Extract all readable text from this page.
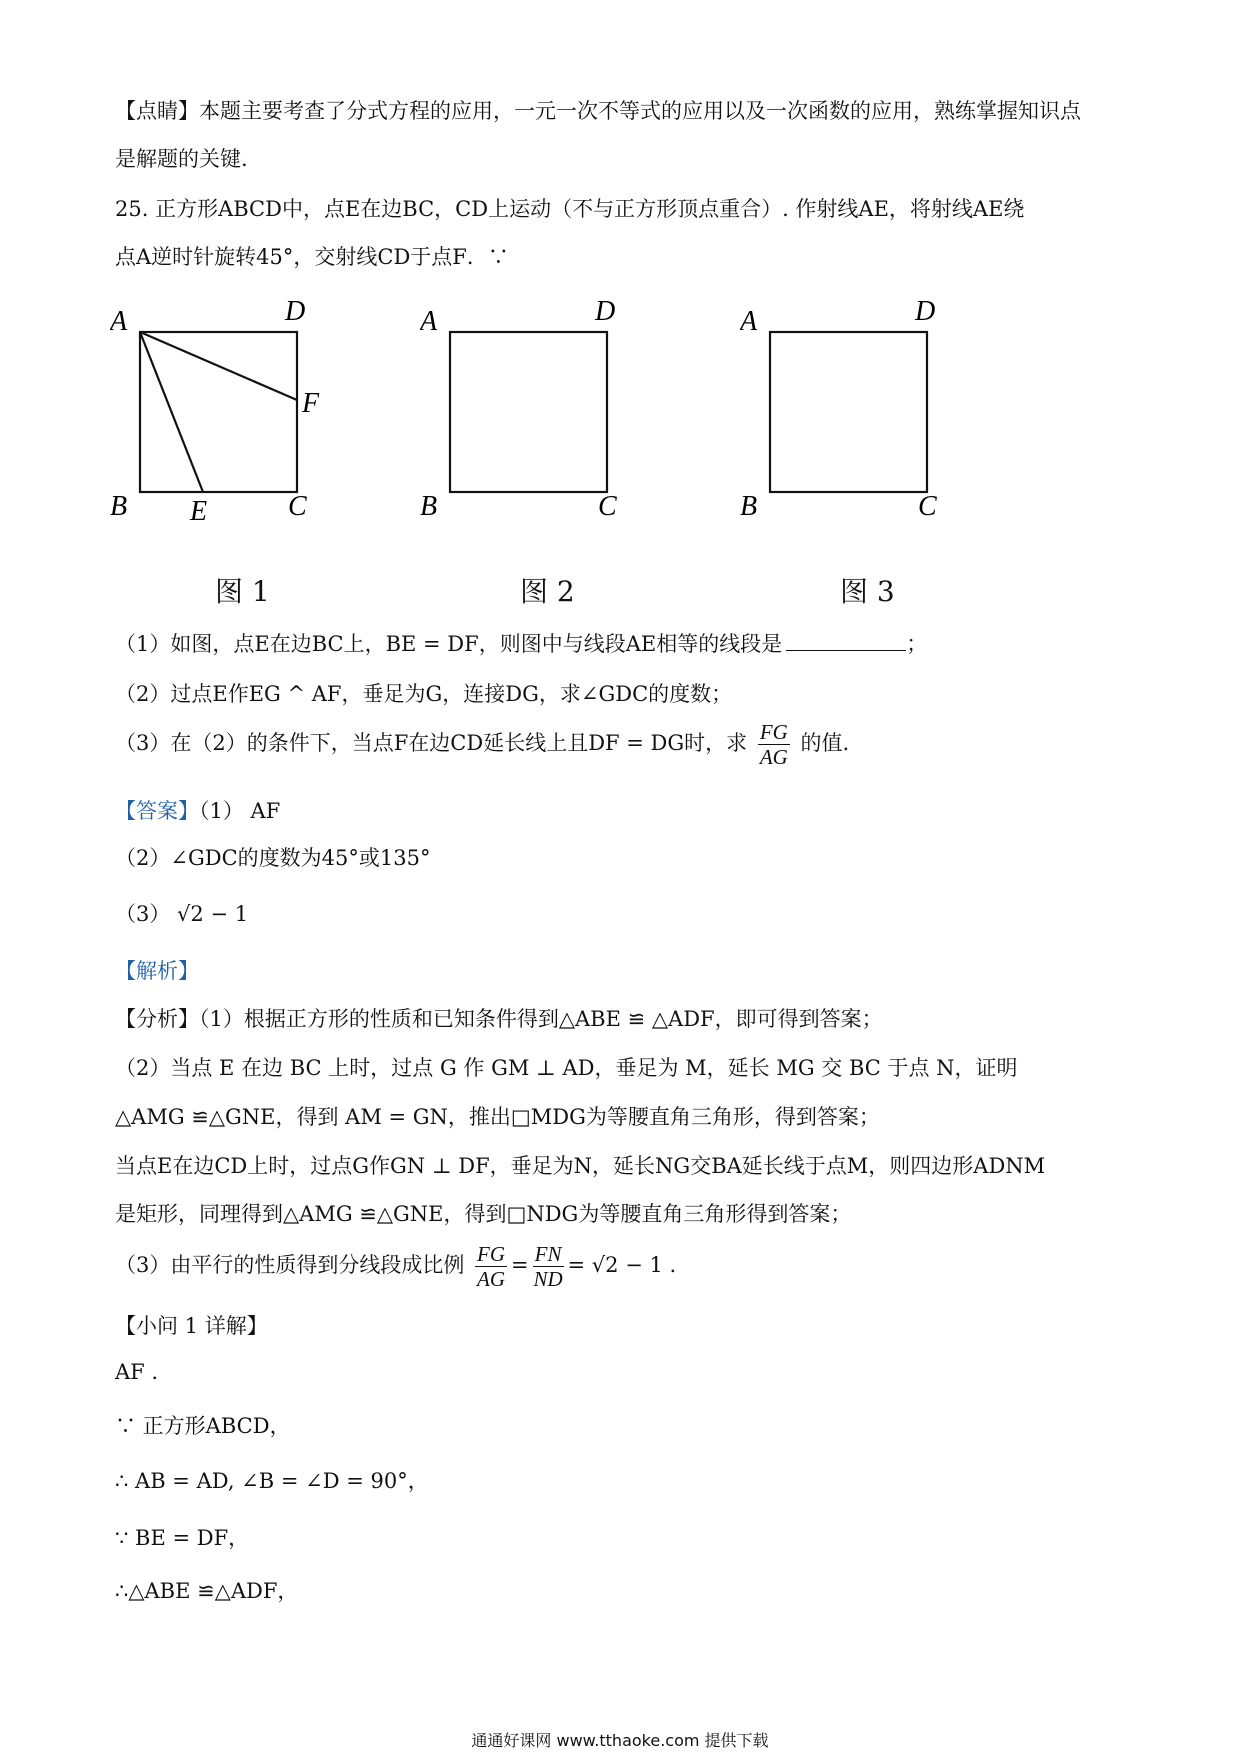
【点睛】本题主要考查了分式方程的应用，一元一次不等式的应用以及一次函数的应用，熟练掌握知识点
是解题的关键.
25. 正方形ABCD中，点E在边BC，CD上运动（不与正方形顶点重合）. 作射线AE，将射线AE绕
点A逆时针旋转45°，交射线CD于点F．∵
A	D
F
B E	C
图 1
A	D
B	C
图 2
A	D
B	C
图 3
（1）如图，点E在边BC上，BE = DF，则图中与线段AE相等的线段是	；
（2）过点E作EG ^ AF，垂足为G，连接DG，求∠GDC的度数；
（3）在（2）的条件下，当点F在边CD延长线上且DF = DG时，求 $\frac{FG}{AG}$ 的值.
【答案】（1） AF
（2）∠GDC的度数为45°或135°
（3） √2 − 1
【解析】
【分析】（1）根据正方形的性质和已知条件得到△ABE ≌ △ADF，即可得到答案；
（2）当点 E 在边 BC 上时，过点 G 作 GM ⊥ AD，垂足为 M，延长 MG 交 BC 于点 N，证明
△AMG ≌△GNE，得到 AM = GN，推出□MDG为等腰直角三角形，得到答案；
当点E在边CD上时，过点G作GN ⊥ DF，垂足为N，延长NG交BA延长线于点M，则四边形ADNM
是矩形，同理得到△AMG ≌△GNE，得到□NDG为等腰直角三角形得到答案；
（3）由平行的性质得到分线段成比例 $\frac{FG}{AG} = \frac{FN}{ND} = √2 - 1$ .
【小问 1 详解】
AF .
∵ 正方形ABCD，
∴ AB = AD, ∠B = ∠D = 90°，
∵ BE = DF，
∴△ABE ≌△ADF，
通通好课网 www.tthaoke.com 提供下载
